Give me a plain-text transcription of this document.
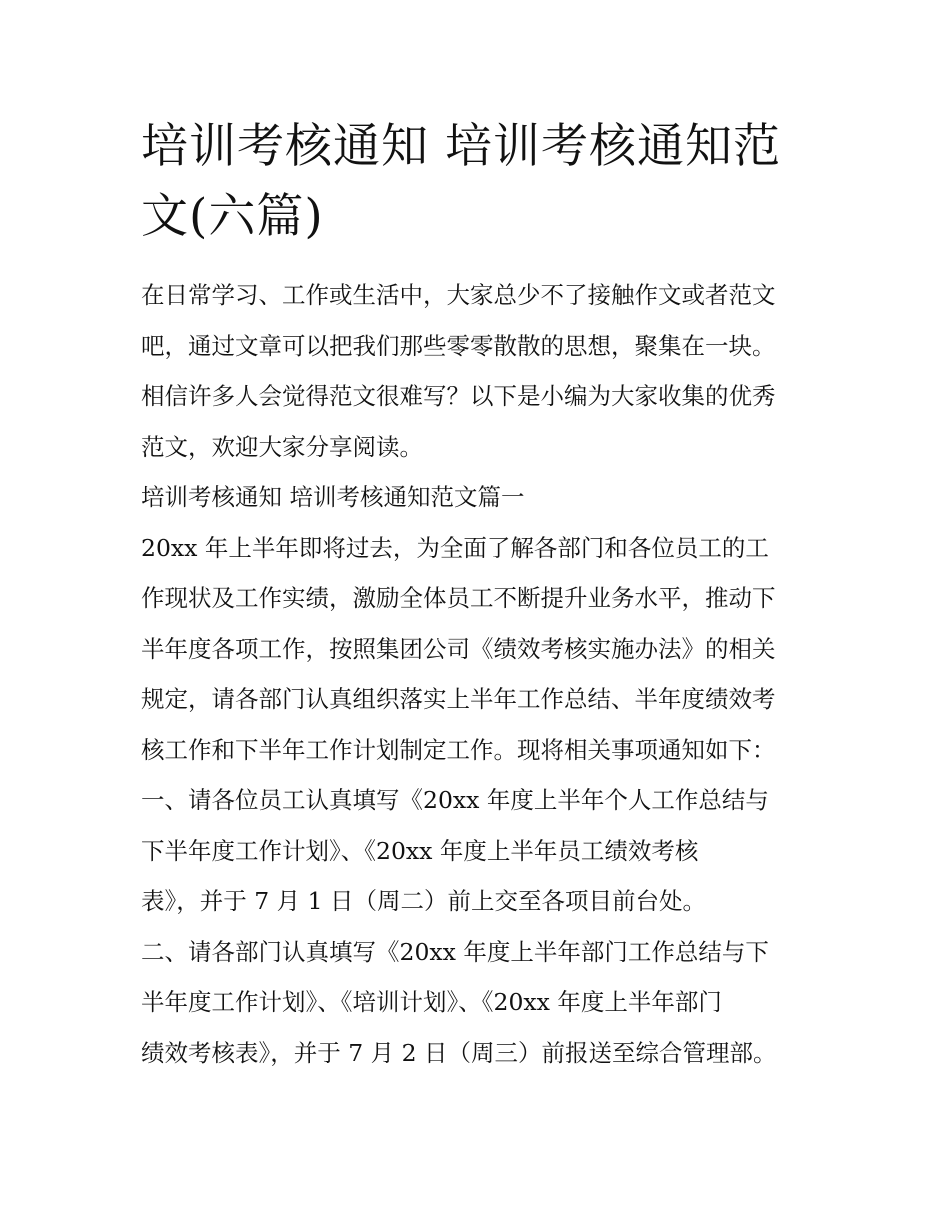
培训考核通知 培训考核通知范
文(六篇)

在日常学习、工作或生活中，大家总少不了接触作文或者范文

吧，通过文章可以把我们那些零零散散的思想，聚集在一块。

相信许多人会觉得范文很难写？以下是小编为大家收集的优秀

范文，欢迎大家分享阅读。

培训考核通知 培训考核通知范文篇一

20xx 年上半年即将过去，为全面了解各部门和各位员工的工

作现状及工作实绩，激励全体员工不断提升业务水平，推动下

半年度各项工作，按照集团公司《绩效考核实施办法》的相关

规定，请各部门认真组织落实上半年工作总结、半年度绩效考

核工作和下半年工作计划制定工作。现将相关事项通知如下：

一、请各位员工认真填写《20xx 年度上半年个人工作总结与

下半年度工作计划》、《20xx 年度上半年员工绩效考核

表》，并于 7 月 1 日（周二）前上交至各项目前台处。

二、请各部门认真填写《20xx 年度上半年部门工作总结与下

半年度工作计划》、《培训计划》、《20xx 年度上半年部门

绩效考核表》，并于 7 月 2 日（周三）前报送至综合管理部。
